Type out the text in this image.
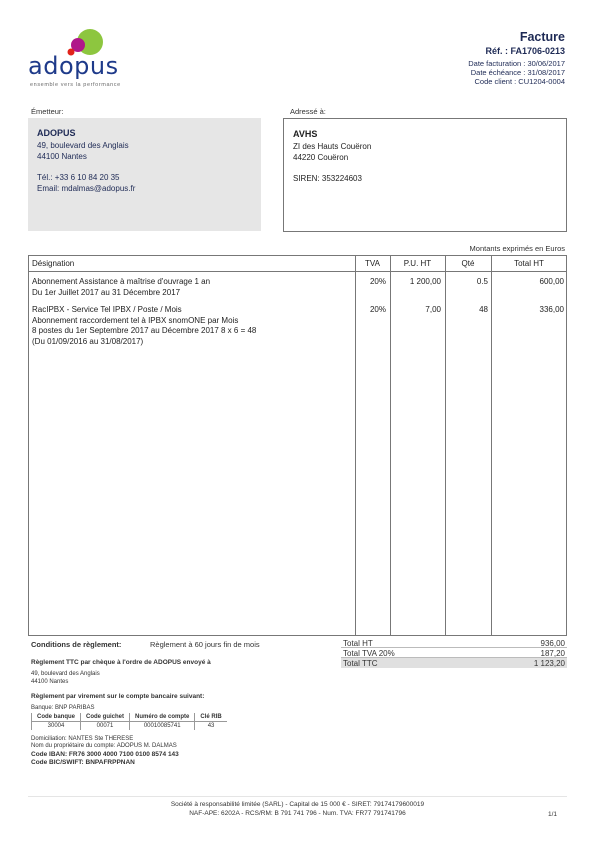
adopus
ensemble vers la performance
Facture
Réf. : FA1706-0213
Date facturation : 30/06/2017
Date échéance : 31/08/2017
Code client : CU1204-0004
Émetteur:	Adressé à:
ADOPUS
49, boulevard des Anglais
44100 Nantes
Tél.: +33 6 10 84 20 35
Email: mdalmas@adopus.fr
AVHS
ZI des Hauts Couëron
44220 Couëron
SIREN: 353224603
Montants exprimés en Euros
Désignation	TVA	P.U. HT	Qté	Total HT
Abonnement Assistance à maîtrise d'ouvrage 1 an
Du 1er Juillet 2017 au 31 Décembre 2017
20%	1 200,00	0.5	600,00
RacIPBX - Service Tel IPBX / Poste / Mois
Abonnement raccordement tel à IPBX snomONE par Mois
8 postes du 1er Septembre 2017 au Décembre 2017 8 x 6 = 48
(Du 01/09/2016 au 31/08/2017)
20%	7,00	48	336,00
Conditions de règlement:	Règlement à 60 jours fin de mois
Règlement TTC par chèque à l'ordre de ADOPUS envoyé à
49, boulevard des Anglais
44100 Nantes
Règlement par virement sur le compte bancaire suivant:
Banque: BNP PARIBAS
Code banque	Code guichet	Numéro de compte	Clé RIB
30004	00071	00010085741	43
Domiciliation: NANTES Ste THERESE
Nom du propriétaire du compte: ADOPUS M. DALMAS
Code IBAN: FR76 3000 4000 7100 0100 8574 143
Code BIC/SWIFT: BNPAFRPPNAN
Total HT	936,00
Total TVA 20%	187,20
Total TTC	1 123,20
Société à responsabilité limitée (SARL) - Capital de 15 000 € - SIRET: 79174179600019
NAF-APE: 6202A - RCS/RM: B 791 741 796 - Num. TVA: FR77 791741796	1/1
